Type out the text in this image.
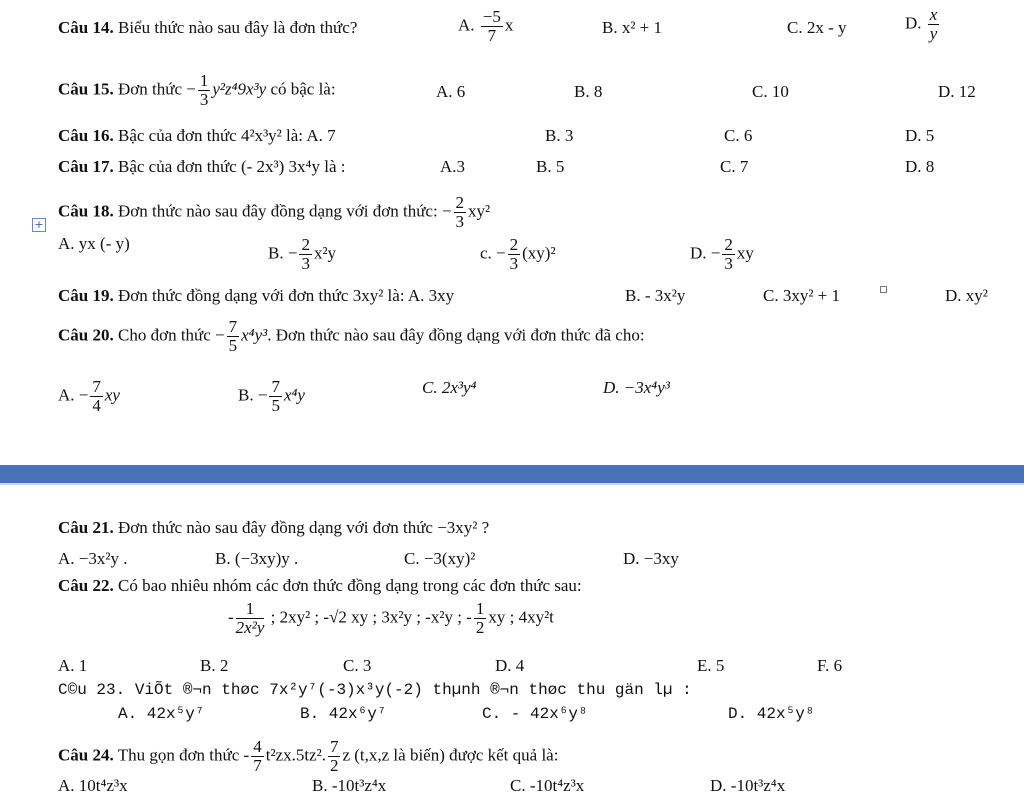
Câu 14. Biểu thức nào sau đây là đơn thức?	A. $\frac{-5}{7}$ x	B. x² + 1	C. 2x - y	D. $\frac{x}{y}$
Câu 15. Đơn thức − $\frac{1}{3} y^2z^49x^3y$ có bậc là:	A. 6	B. 8	C. 10	D. 12
Câu 16. Bậc của đơn thức 4²x³y² là: A. 7	B. 3	C. 6	D. 5
Câu 17. Bậc của đơn thức (- 2x³) 3x⁴y là :	A.3	B. 5	C. 7	D. 8
Câu 18. Đơn thức nào sau đây đồng dạng với đơn thức: − $\frac{2}{3} xy^2$
+
A. yx (- y)	B. − $\frac{2}{3} x^2y$	c. − $\frac{2}{3} (xy)^2$	D. − $\frac{2}{3}$ xy
Câu 19. Đơn thức đồng dạng với đơn thức 3xy² là: A. 3xy	B. - 3x²y	C. 3xy² + 1	D. xy²
Câu 20. Cho đơn thức − $\frac{7}{5} x^4y^3$. Đơn thức nào sau đây đồng dạng với đơn thức đã cho:
A. − $\frac{7}{4}$ xy	B. − $\frac{7}{5} x^4y$	C. 2x³y⁴	D. −3x⁴y³
Câu 21. Đơn thức nào sau đây đồng dạng với đơn thức −3xy² ?
A. −3x²y .	B. (−3xy)y .	C. −3(xy)²	D. −3xy
Câu 22. Có bao nhiêu nhóm các đơn thức đồng dạng trong các đơn thức sau:
- $\frac{1}{\text{2x²y}}$ ; 2xy² ; -√2 xy ; 3x²y ; -x²y ; - $\frac{1}{2}$ xy ; 4xy²t
A. 1	B. 2	C. 3	D. 4	E. 5	F. 6
C©u 23. ViÕt ®¬n thøc 7x²y⁷(-3)x³y(-2) thµnh ®¬n thøc thu gän lµ :
A. 42x⁵y⁷	B. 42x⁶y⁷	C. - 42x⁶y⁸	D. 42x⁵y⁸
Câu 24. Thu gọn đơn thức - $\frac{4}{7} t^2zx.5tz^2$. $\frac{7}{2}$ z (t,x,z là biến) được kết quả là:
A. 10t⁴z³x	B. -10t³z⁴x	C. -10t⁴z³x	D. -10t³z⁴x
